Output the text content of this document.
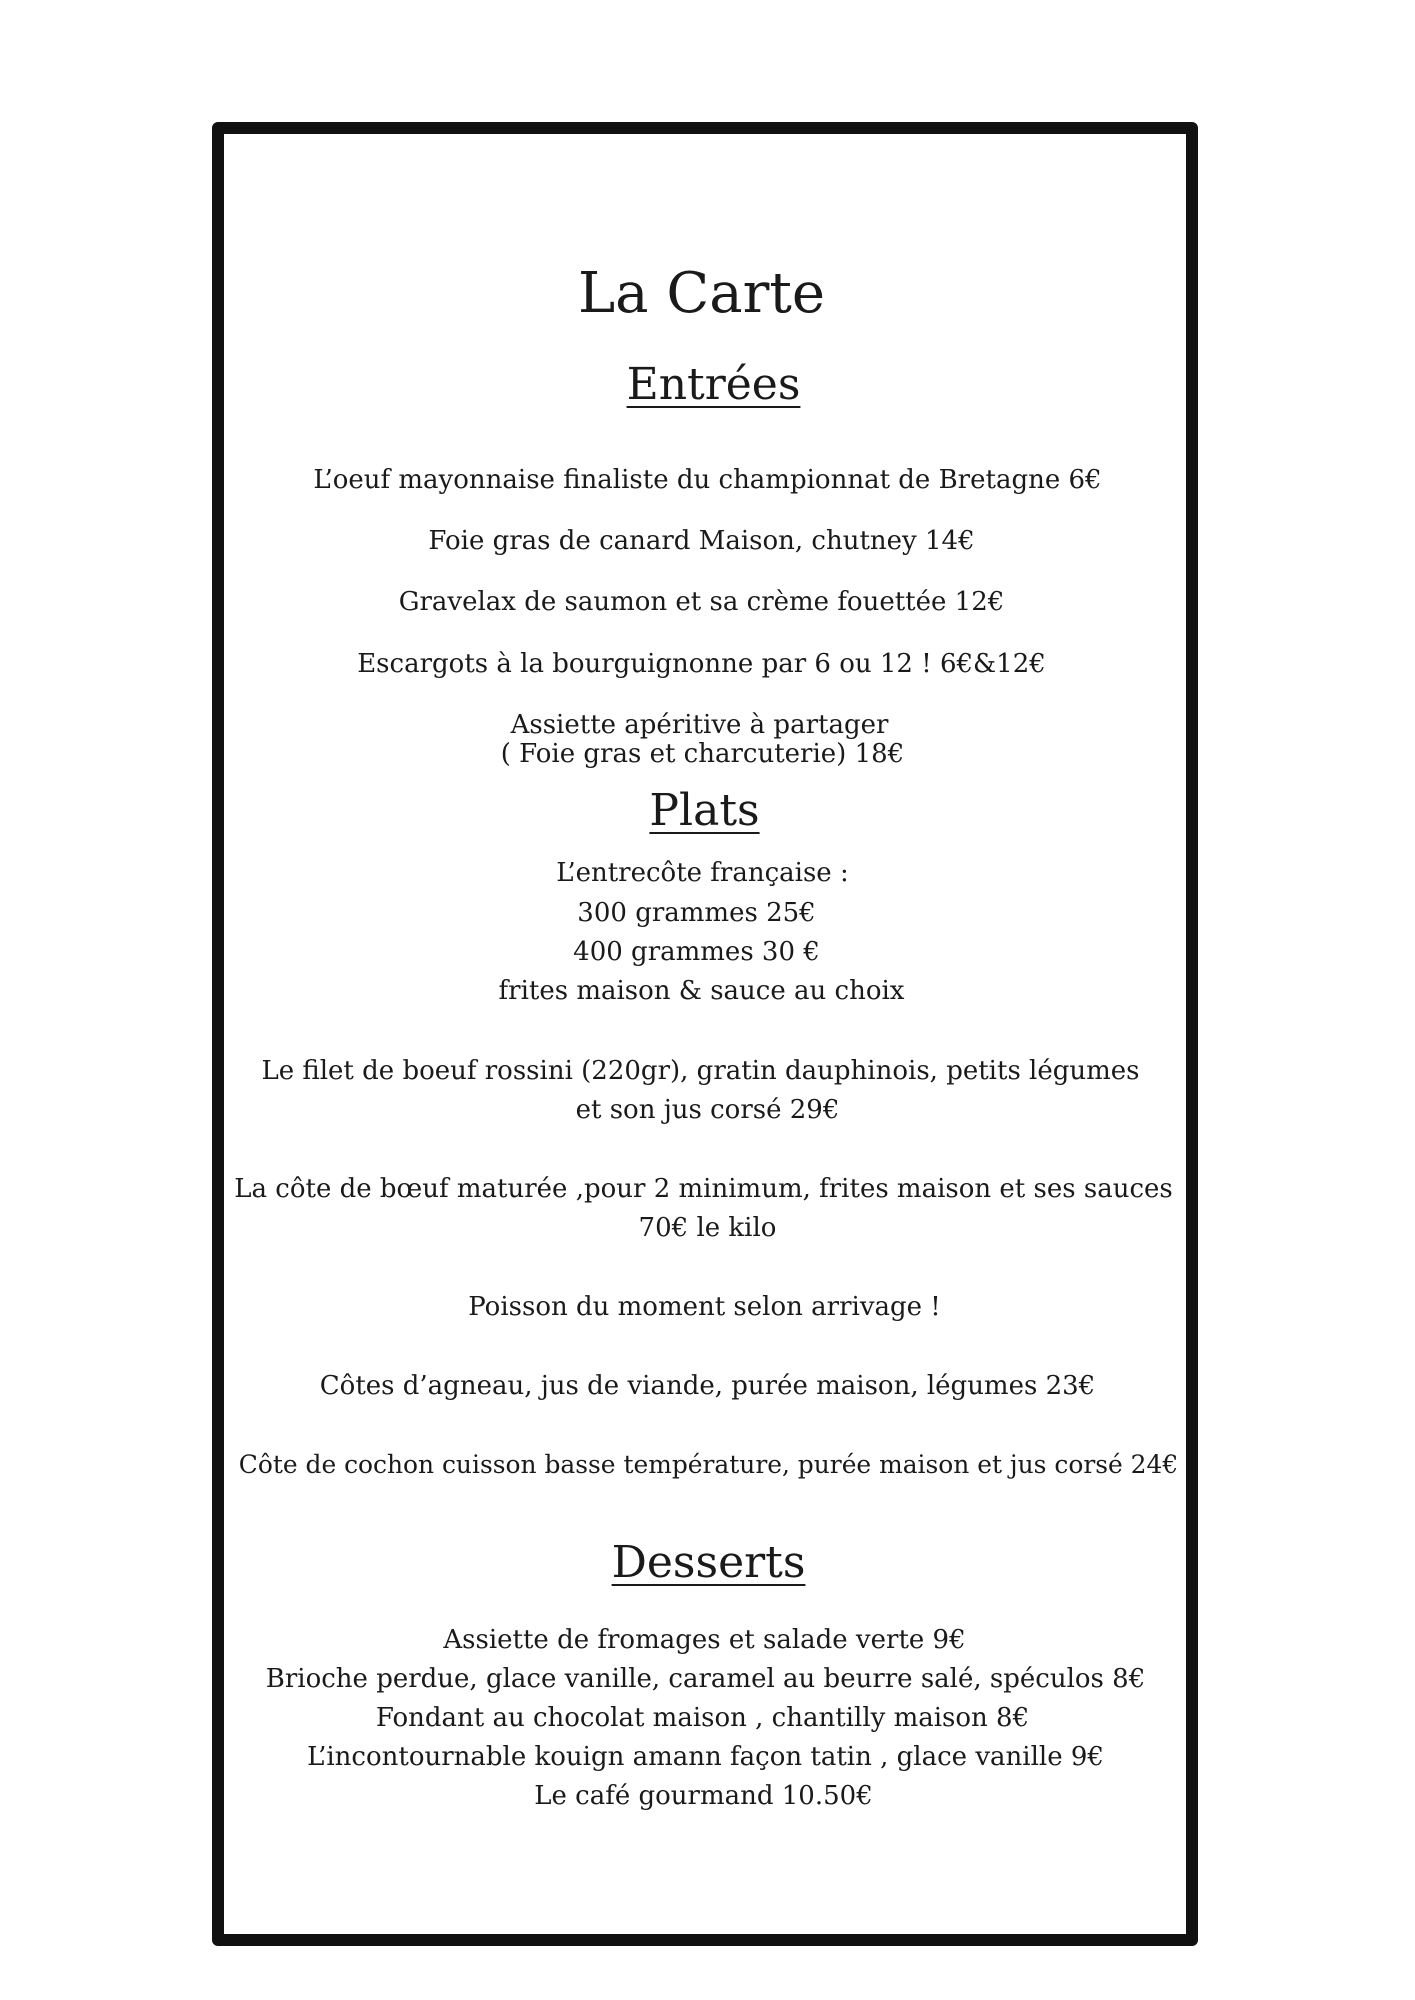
La Carte
Entrées
L’oeuf mayonnaise finaliste du championnat de Bretagne 6€
Foie gras de canard Maison, chutney 14€
Gravelax de saumon et sa crème fouettée 12€
Escargots à la bourguignonne par 6 ou 12 ! 6€&12€
Assiette apéritive à partager
( Foie gras et charcuterie) 18€
Plats
L’entrecôte française :
300 grammes 25€
400 grammes 30 €
frites maison & sauce au choix
Le filet de boeuf rossini (220gr), gratin dauphinois, petits légumes
et son jus corsé 29€
La côte de bœuf maturée ,pour 2 minimum, frites maison et ses sauces
70€ le kilo
Poisson du moment selon arrivage !
Côtes d’agneau, jus de viande, purée maison, légumes 23€
Côte de cochon cuisson basse température, purée maison et jus corsé 24€
Desserts
Assiette de fromages et salade verte 9€
Brioche perdue, glace vanille, caramel au beurre salé, spéculos 8€
Fondant au chocolat maison , chantilly maison 8€
L’incontournable kouign amann façon tatin , glace vanille 9€
Le café gourmand 10.50€
